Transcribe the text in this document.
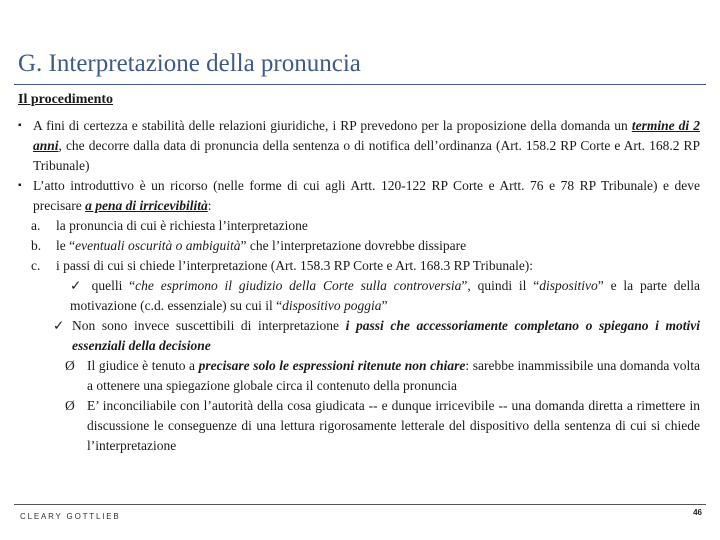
G. Interpretazione della pronuncia
Il procedimento

▪ A fini di certezza e stabilità delle relazioni giuridiche, i RP prevedono per la proposizione della domanda un termine di 2 anni, che decorre dalla data di pronuncia della sentenza o di notifica dell’ordinanza (Art. 158.2 RP Corte e Art. 168.2 RP Tribunale)

▪ L’atto introduttivo è un ricorso (nelle forme di cui agli Artt. 120-122 RP Corte e Artt. 76 e 78 RP Tribunale) e deve precisare a pena di irricevibilità:

a. la pronuncia di cui è richiesta l’interpretazione

b. le “eventuali oscurità o ambiguità” che l’interpretazione dovrebbe dissipare

c. i passi di cui si chiede l’interpretazione (Art. 158.3 RP Corte e Art. 168.3 RP Tribunale):

✓ quelli “che esprimono il giudizio della Corte sulla controversia”, quindi il “dispositivo” e la parte della motivazione (c.d. essenziale) su cui il “dispositivo poggia”

✓ Non sono invece suscettibili di interpretazione i passi che accessoriamente completano o spiegano i motivi essenziali della decisione

Ø Il giudice è tenuto a precisare solo le espressioni ritenute non chiare: sarebbe inammissibile una domanda volta a ottenere una spiegazione globale circa il contenuto della pronuncia

Ø E’ inconciliabile con l’autorità della cosa giudicata -- e dunque irricevibile -- una domanda diretta a rimettere in discussione le conseguenze di una lettura rigorosamente letterale del dispositivo della sentenza di cui si chiede l’interpretazione

CLEARY GOTTLIEB	46
